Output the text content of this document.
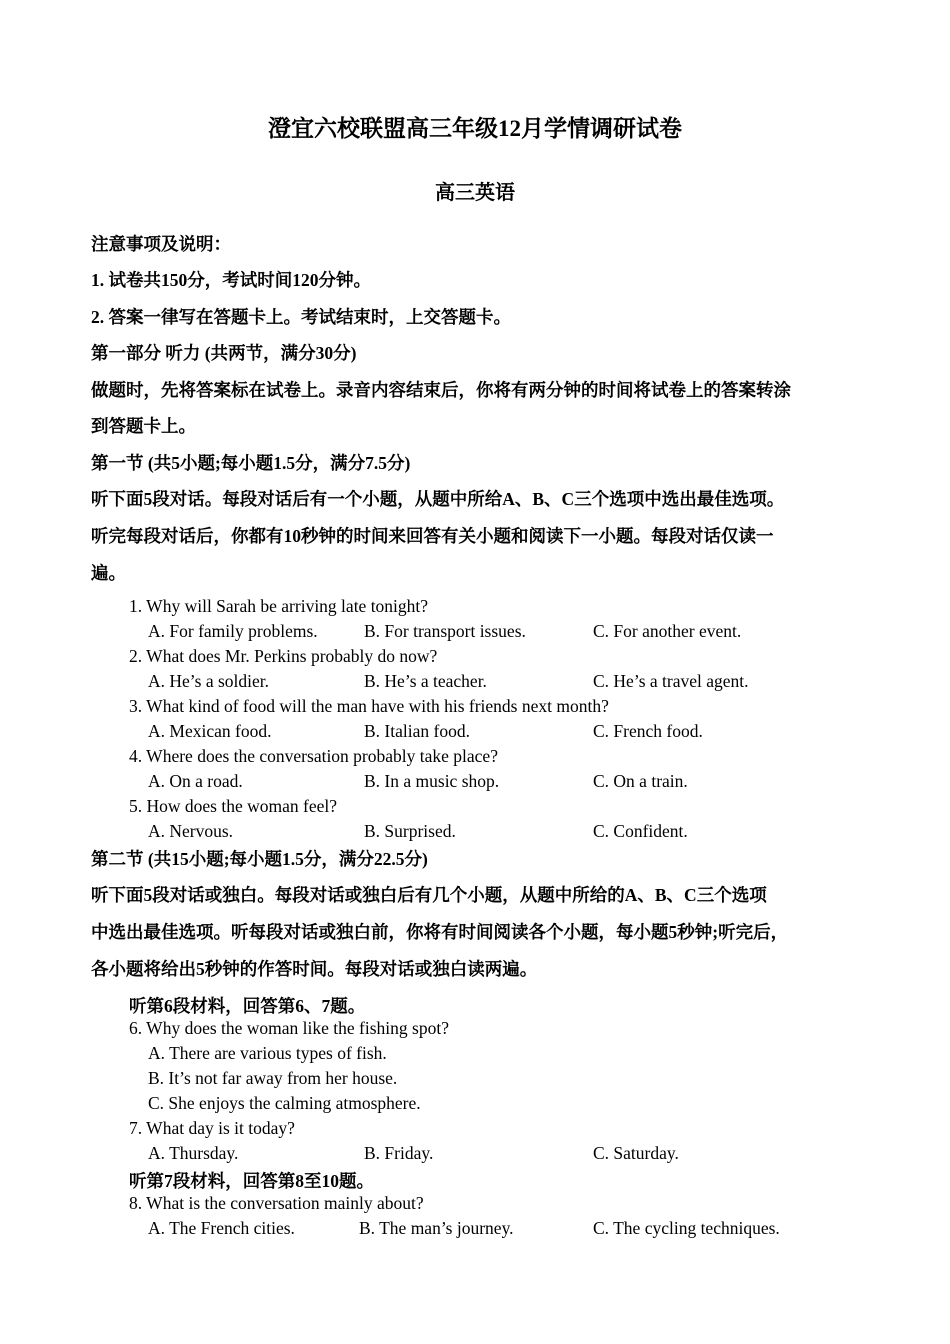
澄宜六校联盟高三年级12月学情调研试卷
高三英语
注意事项及说明：
1. 试卷共150分，考试时间120分钟。
2. 答案一律写在答题卡上。考试结束时，上交答题卡。
第一部分 听力 (共两节，满分30分)
做题时，先将答案标在试卷上。录音内容结束后，你将有两分钟的时间将试卷上的答案转涂
到答题卡上。
第一节 (共5小题;每小题1.5分，满分7.5分)
听下面5段对话。每段对话后有一个小题，从题中所给A、B、C三个选项中选出最佳选项。
听完每段对话后，你都有10秒钟的时间来回答有关小题和阅读下一小题。每段对话仅读一
遍。
1. Why will Sarah be arriving late tonight?
A. For family problems.	B. For transport issues.	C. For another event.
2. What does Mr. Perkins probably do now?
A. He’s a soldier.	B. He’s a teacher.	C. He’s a travel agent.
3. What kind of food will the man have with his friends next month?
A. Mexican food.	B. Italian food.	C. French food.
4. Where does the conversation probably take place?
A. On a road.	B. In a music shop.	C. On a train.
5. How does the woman feel?
A. Nervous.	B. Surprised.	C. Confident.
第二节 (共15小题;每小题1.5分，满分22.5分)
听下面5段对话或独白。每段对话或独白后有几个小题，从题中所给的A、B、C三个选项
中选出最佳选项。听每段对话或独白前，你将有时间阅读各个小题，每小题5秒钟;听完后，
各小题将给出5秒钟的作答时间。每段对话或独白读两遍。
听第6段材料，回答第6、7题。
6. Why does the woman like the fishing spot?
A. There are various types of fish.
B. It’s not far away from her house.
C. She enjoys the calming atmosphere.
7. What day is it today?
A. Thursday.	B. Friday.	C. Saturday.
听第7段材料，回答第8至10题。
8. What is the conversation mainly about?
A. The French cities.	B. The man’s journey.	C. The cycling techniques.
